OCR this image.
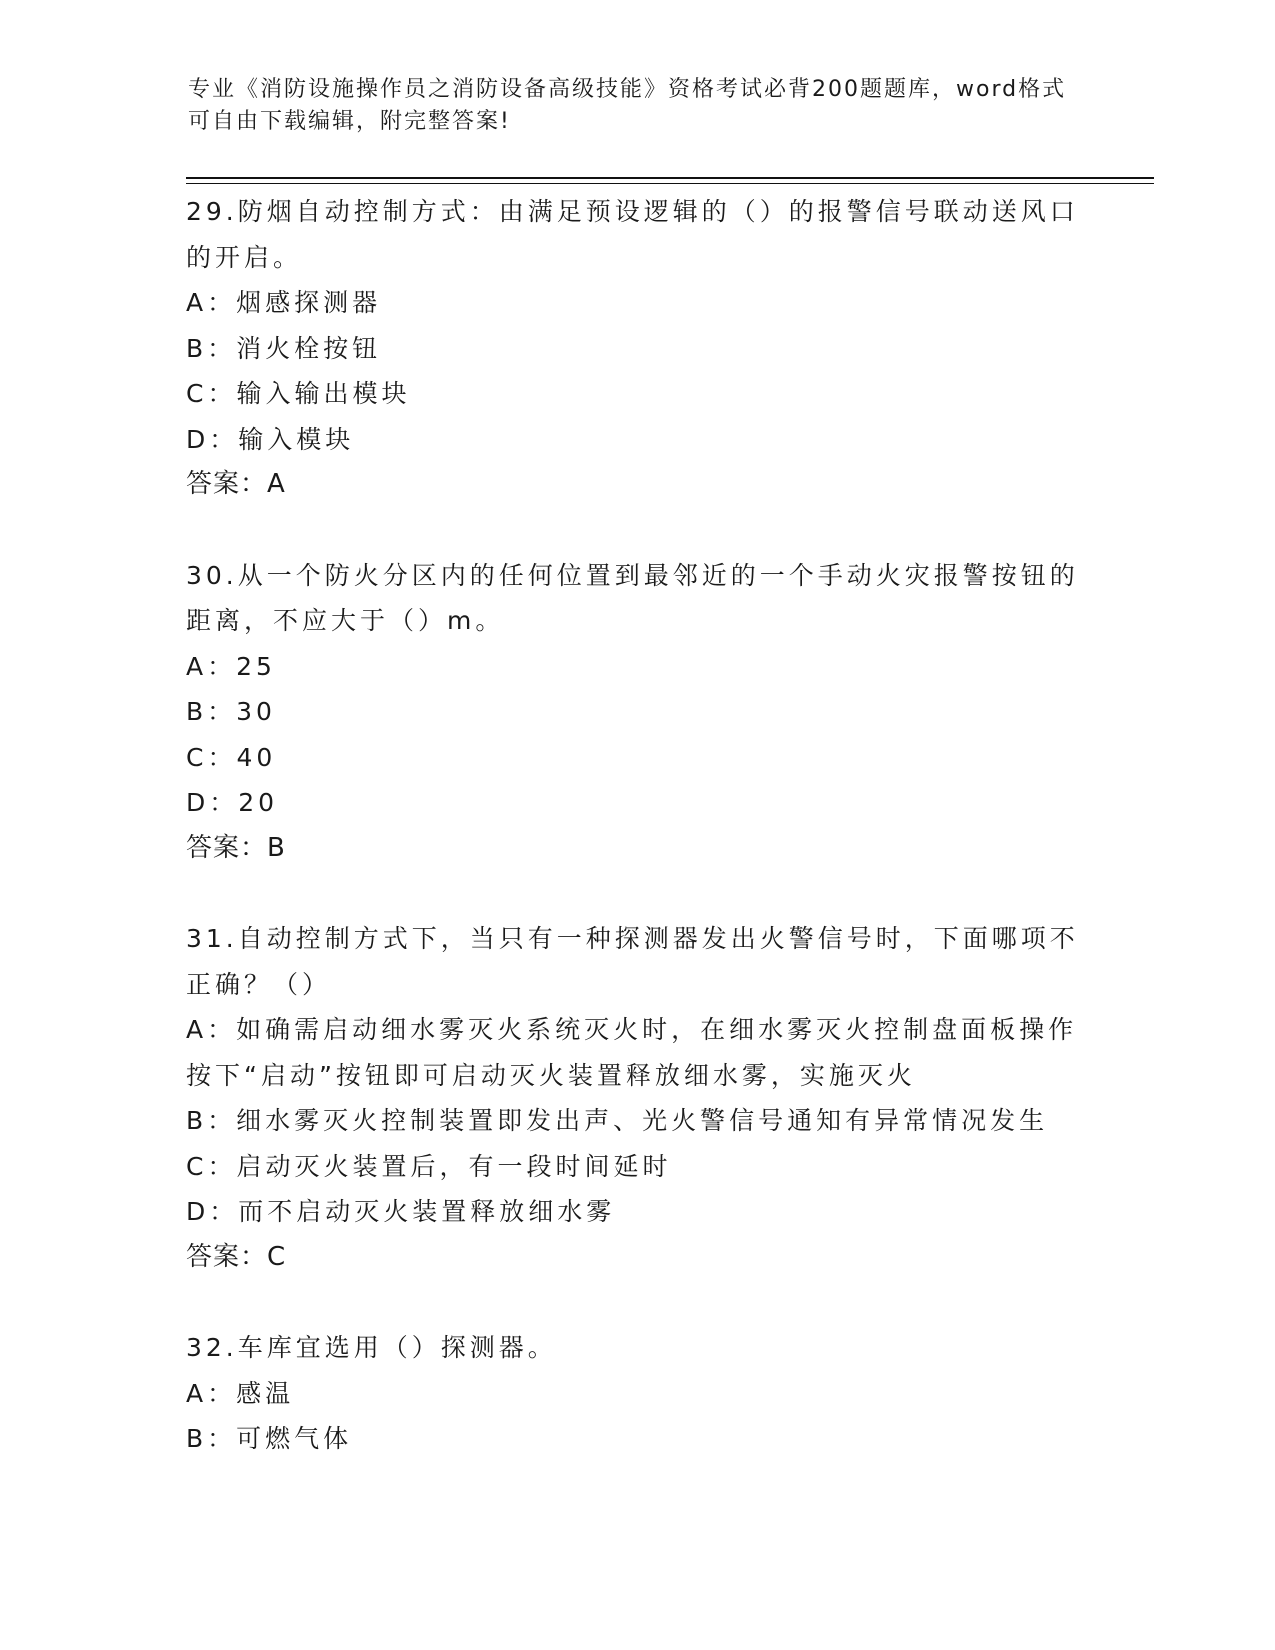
专业《消防设施操作员之消防设备高级技能》资格考试必背200题题库，word格式可自由下载编辑，附完整答案!
29.防烟自动控制方式：由满足预设逻辑的（）的报警信号联动送风口的开启。
A：烟感探测器
B：消火栓按钮
C：输入输出模块
D：输入模块
答案：A
30.从一个防火分区内的任何位置到最邻近的一个手动火灾报警按钮的距离，不应大于（）m。
A：25
B：30
C：40
D：20
答案：B
31.自动控制方式下，当只有一种探测器发出火警信号时，下面哪项不正确？（）
A：如确需启动细水雾灭火系统灭火时，在细水雾灭火控制盘面板操作按下“启动”按钮即可启动灭火装置释放细水雾，实施灭火
B：细水雾灭火控制装置即发出声、光火警信号通知有异常情况发生
C：启动灭火装置后，有一段时间延时
D：而不启动灭火装置释放细水雾
答案：C
32.车库宜选用（）探测器。
A：感温
B：可燃气体
